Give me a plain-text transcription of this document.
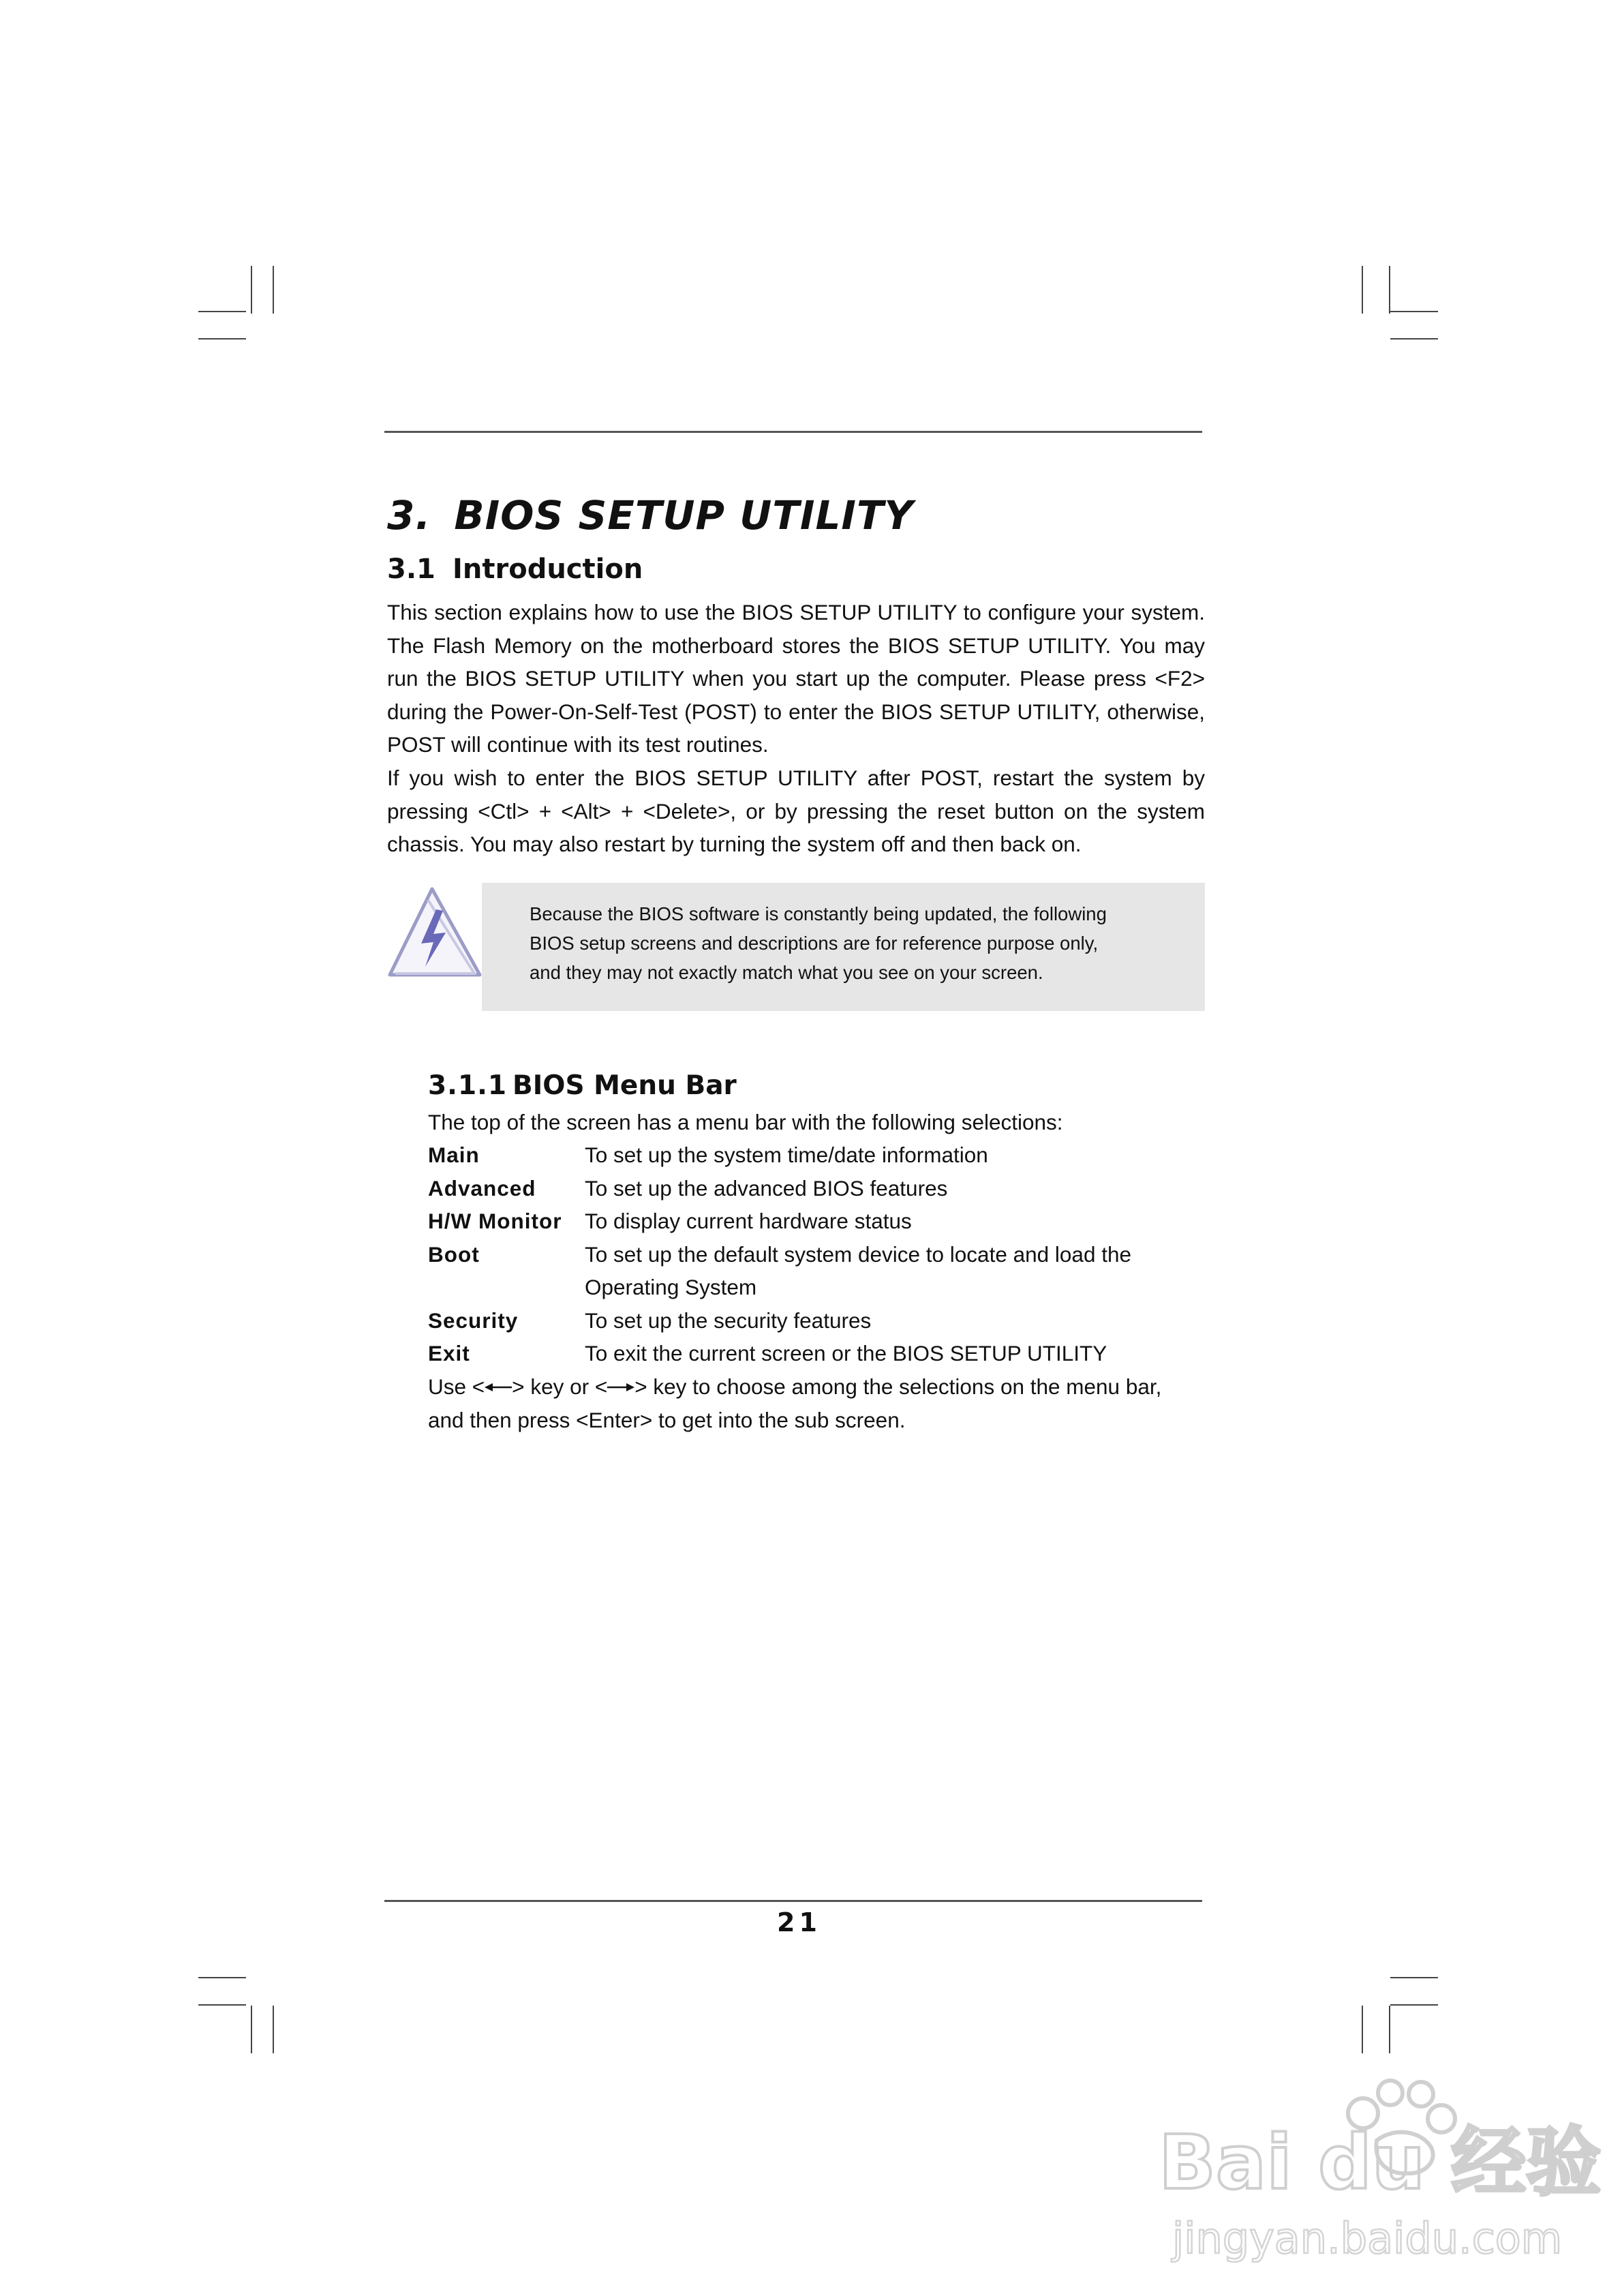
3. BIOS SETUP UTILITY
3.1 Introduction

This section explains how to use the BIOS SETUP UTILITY to configure your system. The Flash Memory on the motherboard stores the BIOS SETUP UTILITY. You may run the BIOS SETUP UTILITY when you start up the computer. Please press <F2> during the Power-On-Self-Test (POST) to enter the BIOS SETUP UTILITY, otherwise, POST will continue with its test routines.

If you wish to enter the BIOS SETUP UTILITY after POST, restart the system by pressing <Ctl> + <Alt> + <Delete>, or by pressing the reset button on the system chassis. You may also restart by turning the system off and then back on.

Because the BIOS software is constantly being updated, the following
BIOS setup screens and descriptions are for reference purpose only,
and they may not exactly match what you see on your screen.

3.1.1 BIOS Menu Bar

The top of the screen has a menu bar with the following selections:

Main	To set up the system time/date information
Advanced	To set up the advanced BIOS features
H/W Monitor	To display current hardware status
Boot	To set up the default system device to locate and load the
Operating System
Security	To set up the security features
Exit	To exit the current screen or the BIOS SETUP UTILITY

Use < > key or < > key to choose among the selections on the menu bar,

and then press <Enter> to get into the sub screen.

21

Bai du 经验
jingyan.baidu.com
